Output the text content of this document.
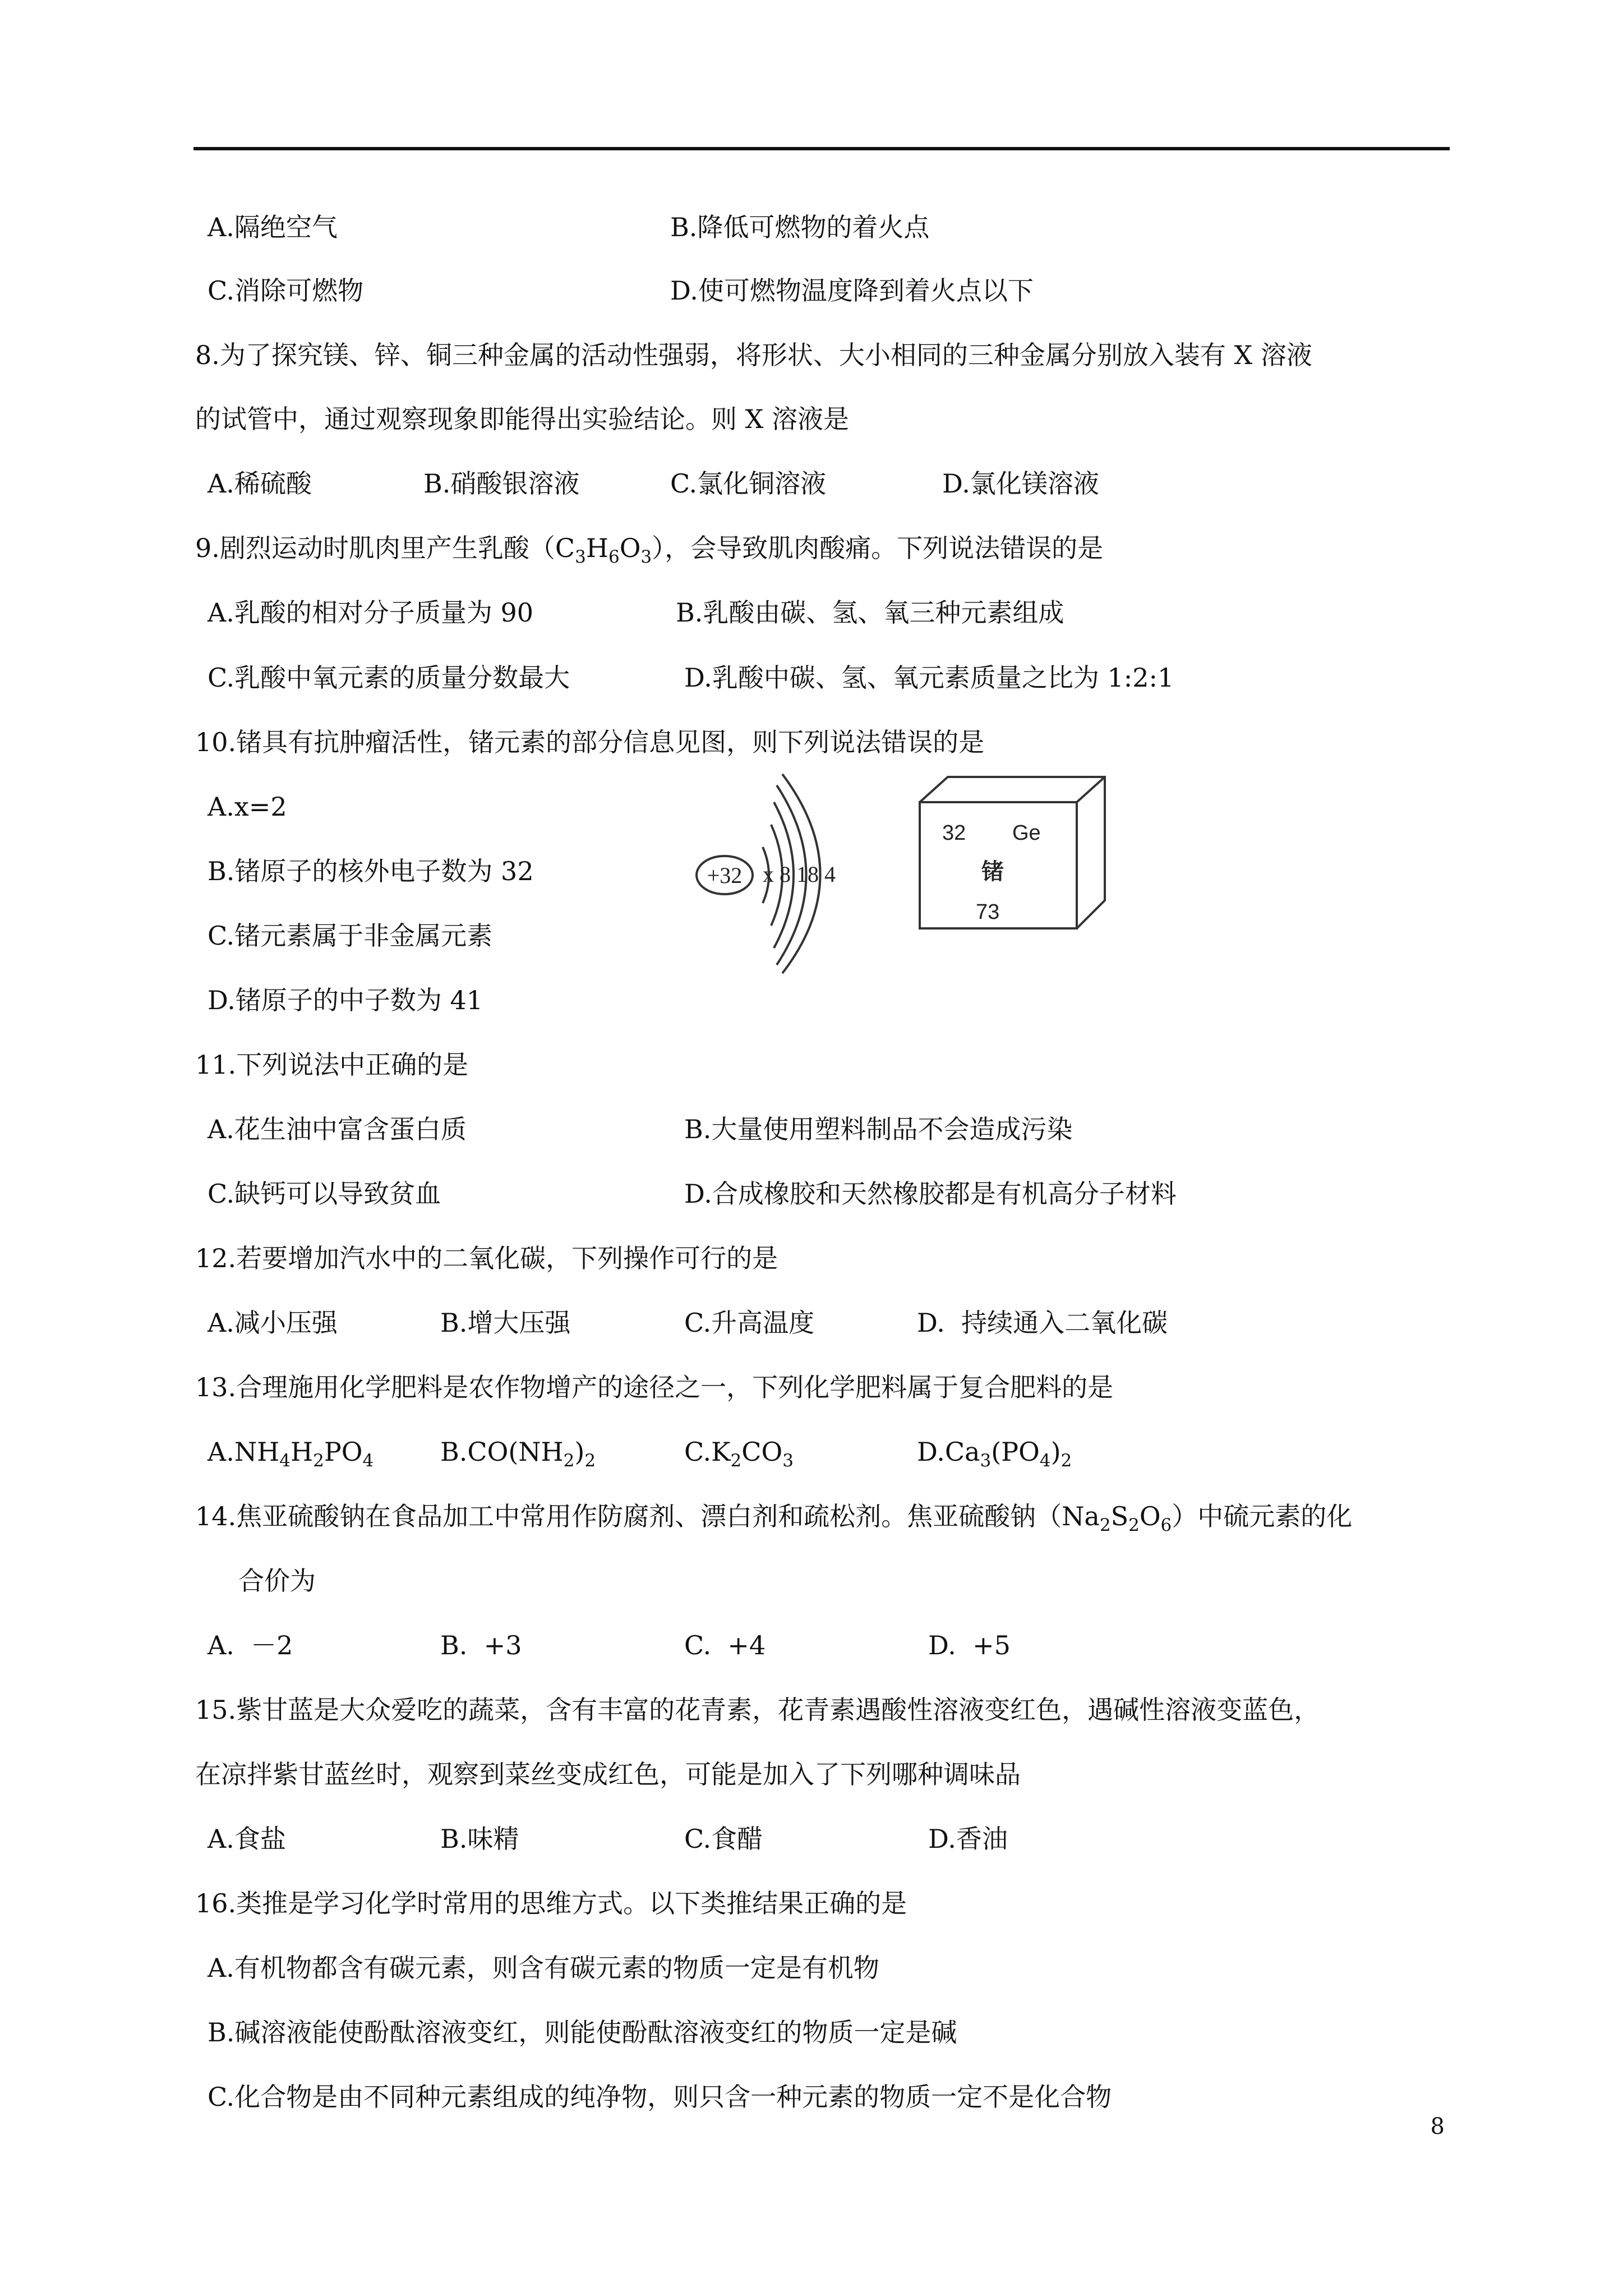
A.隔绝空气	B.降低可燃物的着火点
C.消除可燃物	D.使可燃物温度降到着火点以下
8.为了探究镁、锌、铜三种金属的活动性强弱，将形状、大小相同的三种金属分别放入装有 X 溶液
的试管中，通过观察现象即能得出实验结论。则 X 溶液是
A.稀硫酸	B.硝酸银溶液	C.氯化铜溶液	D.氯化镁溶液
9.剧烈运动时肌肉里产生乳酸$(C_3H_6O_3)$，会导致肌肉酸痛。下列说法错误的是
A.乳酸的相对分子质量为 90	B.乳酸由碳、氢、氧三种元素组成
C.乳酸中氧元素的质量分数最大	D.乳酸中碳、氢、氧元素质量之比为 1:2:1
10.锗具有抗肿瘤活性，锗元素的部分信息见图，则下列说法错误的是
A.x=2
B.锗原子的核外电子数为 32
C.锗元素属于非金属元素
D.锗原子的中子数为 41
+32 x 8 18 4
32 Ge
锗
73
11.下列说法中正确的是
A.花生油中富含蛋白质	B.大量使用塑料制品不会造成污染
C.缺钙可以导致贫血	D.合成橡胶和天然橡胶都是有机高分子材料
12.若要增加汽水中的二氧化碳，下列操作可行的是
A.减小压强	B.增大压强	C.升高温度	D.  持续通入二氧化碳
13.合理施用化学肥料是农作物增产的途径之一，下列化学肥料属于复合肥料的是
$A.NH_4H_2PO_4$	$B.CO(NH_2)_2$	$C.K_2CO_3$	$D.Ca_3(PO_4)_2$
14.焦亚硫酸钠在食品加工中常用作防腐剂、漂白剂和疏松剂。焦亚硫酸钠$(Na_2S_2O_6)$中硫元素的化
合价为
A.  －2	B.  +3	C.  +4	D.  +5
15.紫甘蓝是大众爱吃的蔬菜，含有丰富的花青素，花青素遇酸性溶液变红色，遇碱性溶液变蓝色，
在凉拌紫甘蓝丝时，观察到菜丝变成红色，可能是加入了下列哪种调味品
A.食盐	B.味精	C.食醋	D.香油
16.类推是学习化学时常用的思维方式。以下类推结果正确的是
A.有机物都含有碳元素，则含有碳元素的物质一定是有机物
B.碱溶液能使酚酞溶液变红，则能使酚酞溶液变红的物质一定是碱
C.化合物是由不同种元素组成的纯净物，则只含一种元素的物质一定不是化合物
8
